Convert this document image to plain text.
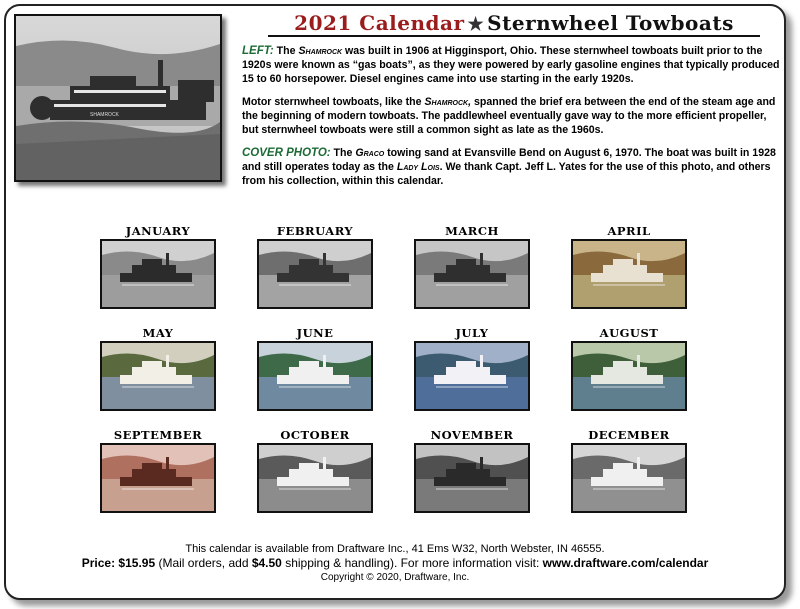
SHAMROCK
2021 Calendar ★ Sternwheel Towboats

LEFT: The Shamrock was built in 1906 at Higginsport, Ohio. These sternwheel towboats built prior to the 1920s were known as “gas boats”, as they were powered by early gasoline engines that typically produced 15 to 60 horsepower. Diesel engines came into use starting in the early 1920s.

Motor sternwheel towboats, like the Shamrock, spanned the brief era between the end of the steam age and the beginning of modern towboats. The paddlewheel eventually gave way to the more efficient propeller, but sternwheel towboats were still a common sight as late as the 1960s.

COVER PHOTO: The Graco towing sand at Evansville Bend on August 6, 1970. The boat was built in 1928 and still operates today as the Lady Lois. We thank Capt. Jeff L. Yates for the use of this photo, and others from his collection, within this calendar.

JANUARY	FEBRUARY	MARCH	APRIL
MAY	JUNE	JULY	AUGUST
SEPTEMBER	OCTOBER	NOVEMBER	DECEMBER
This calendar is available from Draftware Inc., 41 Ems W32, North Webster, IN 46555.
Price: $15.95 (Mail orders, add $4.50 shipping & handling). For more information visit: www.draftware.com/calendar
Copyright © 2020, Draftware, Inc.
